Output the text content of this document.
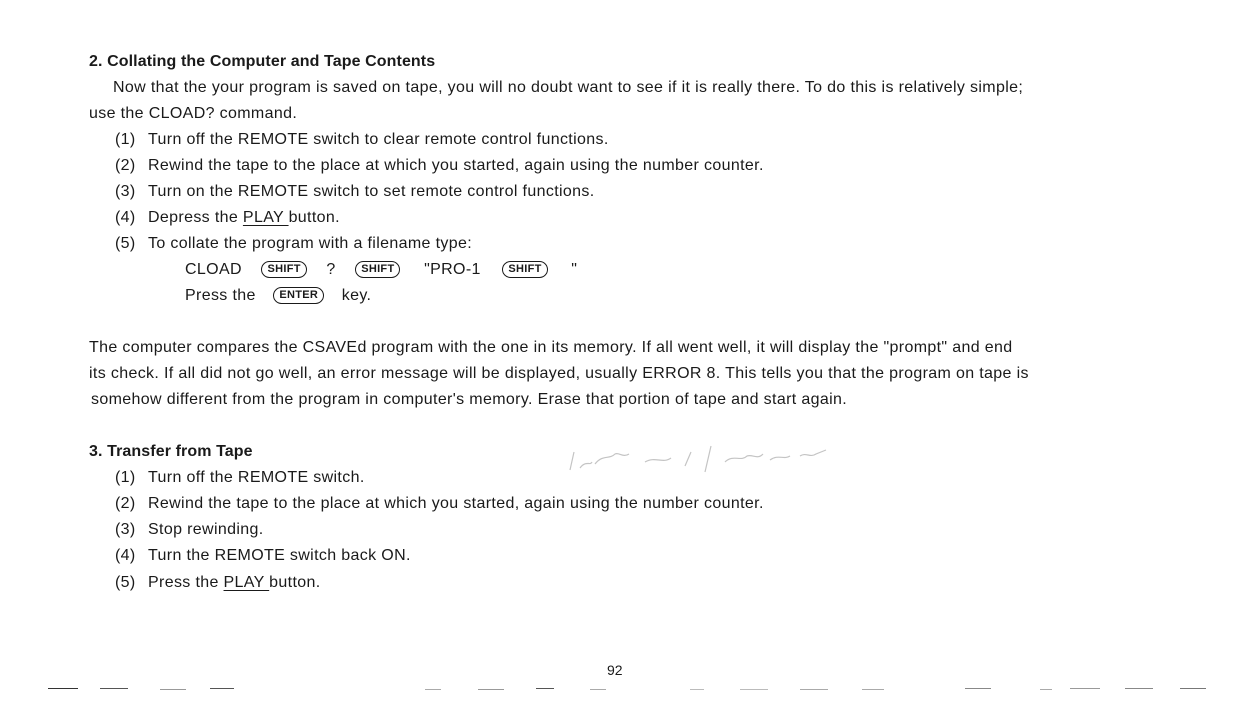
2. Collating the Computer and Tape Contents
Now that the your program is saved on tape, you will no doubt want to see if it is really there. To do this is relatively simple;
use the CLOAD? command.
(1) Turn off the REMOTE switch to clear remote control functions.
(2) Rewind the tape to the place at which you started, again using the number counter.
(3) Turn on the REMOTE switch to set remote control functions.
(4) Depress the PLAY button.
(5) To collate the program with a filename type:
CLOAD SHIFT ? SHIFT "PRO-1	SHIFT "
Press the ENTER key.
The computer compares the CSAVEd program with the one in its memory. If all went well, it will display the "prompt" and end
its check. If all did not go well, an error message will be displayed, usually ERROR 8. This tells you that the program on tape is
somehow different from the program in computer's memory. Erase that portion of tape and start again.
3. Transfer from Tape
(1) Turn off the REMOTE switch.
(2) Rewind the tape to the place at which you started, again using the number counter.
(3) Stop rewinding.
(4) Turn the REMOTE switch back ON.
(5) Press the PLAY button.
92
